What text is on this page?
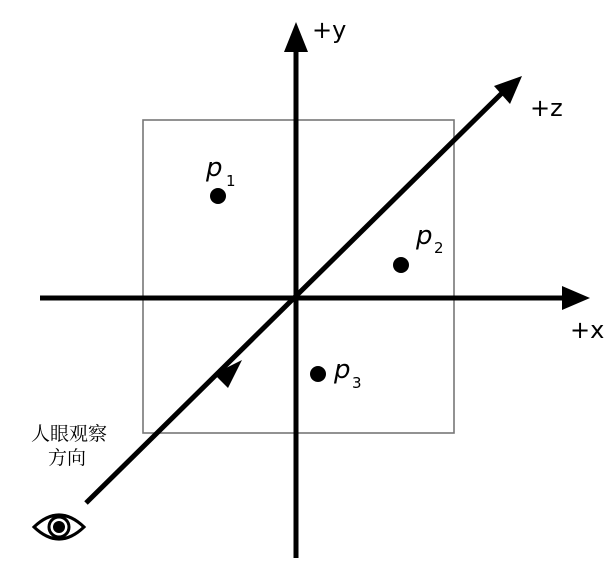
+y
+z
+x
p 1
p 2
p 3
人眼观察
方向
